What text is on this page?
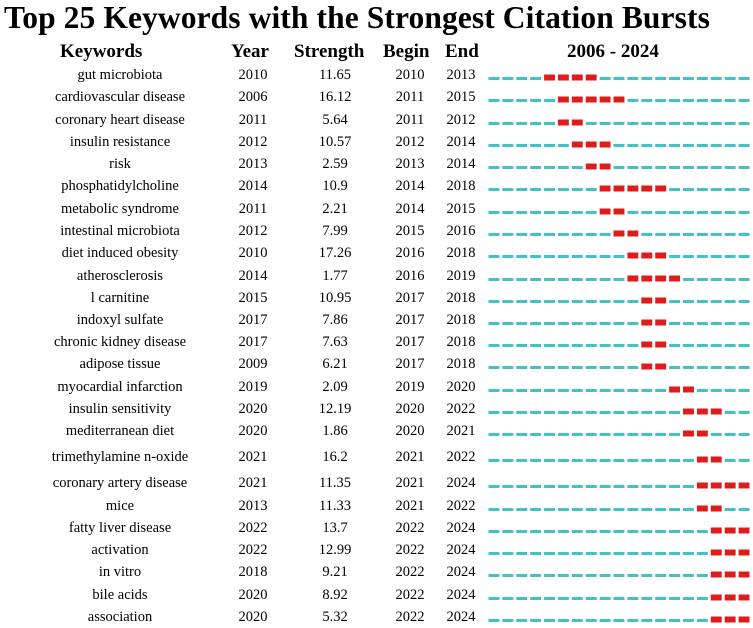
Top 25 Keywords with the Strongest Citation Bursts
Keywords	Year Strength Begin End	2006 - 2024
gut microbiota	2010	11.65	2010 2013
cardiovascular disease	2006	16.12	2011 2015
coronary heart disease	2011	5.64	2011 2012
insulin resistance	2012	10.57	2012 2014
risk	2013	2.59	2013 2014
phosphatidylcholine	2014	10.9	2014 2018
metabolic syndrome	2011	2.21	2014 2015
intestinal microbiota	2012	7.99	2015 2016
diet induced obesity	2010	17.26	2016 2018
atherosclerosis	2014	1.77	2016 2019
l carnitine	2015	10.95	2017 2018
indoxyl sulfate	2017	7.86	2017 2018
chronic kidney disease	2017	7.63	2017 2018
adipose tissue	2009	6.21	2017 2018
myocardial infarction	2019	2.09	2019 2020
insulin sensitivity	2020	12.19	2020 2022
mediterranean diet	2020	1.86	2020 2021
trimethylamine n-oxide	2021	16.2	2021 2022
coronary artery disease	2021	11.35	2021 2024
mice	2013	11.33	2021 2022
fatty liver disease	2022	13.7	2022 2024
activation	2022	12.99	2022 2024
in vitro	2018	9.21	2022 2024
bile acids	2020	8.92	2022 2024
association	2020	5.32	2022 2024
